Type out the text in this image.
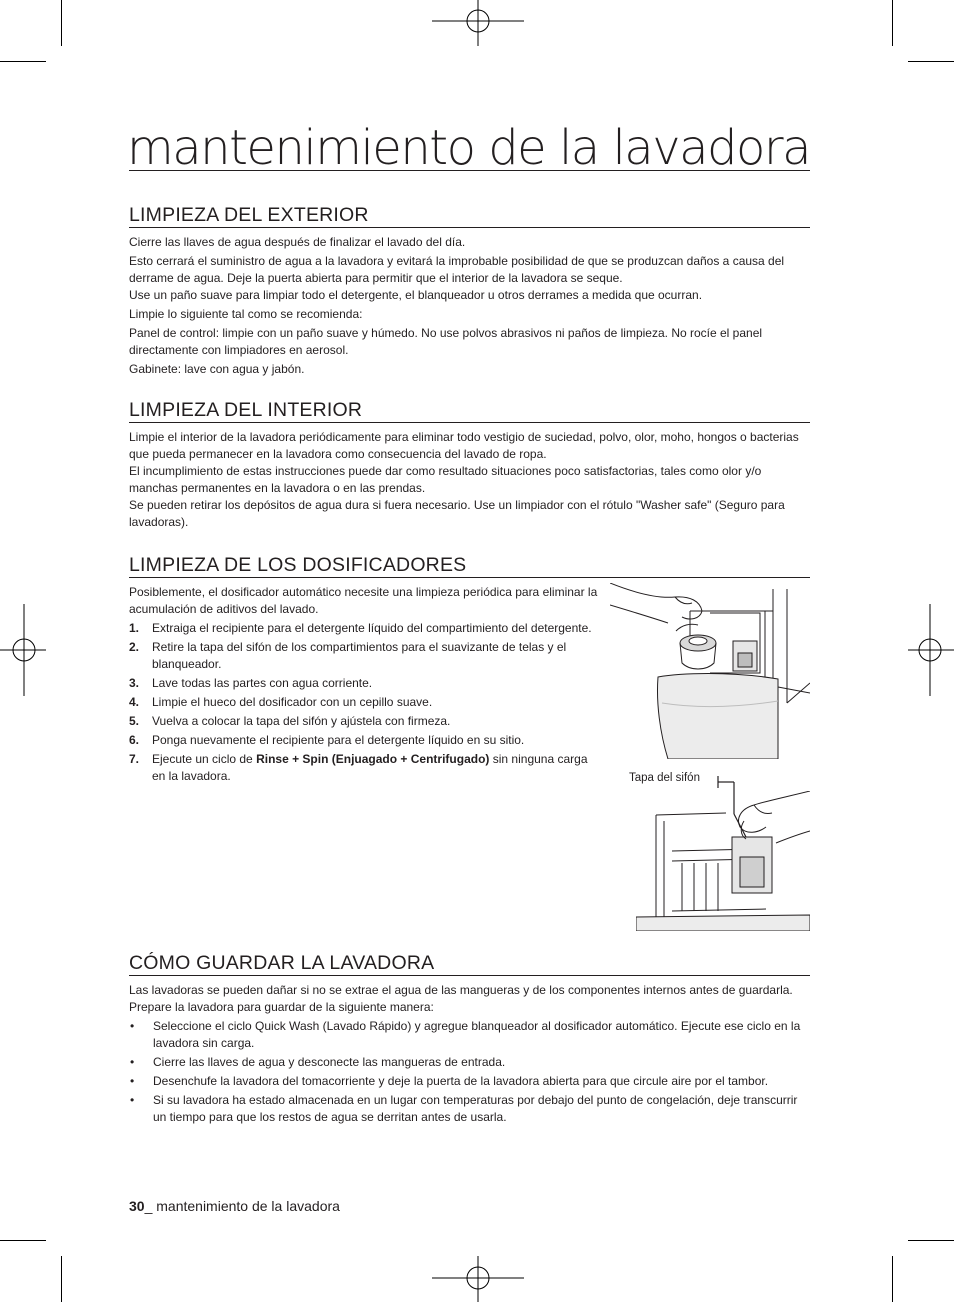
mantenimiento de la lavadora
LIMPIEZA DEL EXTERIOR

Cierre las llaves de agua después de finalizar el lavado del día.

Esto cerrará el suministro de agua a la lavadora y evitará la improbable posibilidad de que se produzcan daños a causa del derrame de agua. Deje la puerta abierta para permitir que el interior de la lavadora se seque.

Use un paño suave para limpiar todo el detergente, el blanqueador u otros derrames a medida que ocurran.

Limpie lo siguiente tal como se recomienda:

Panel de control: limpie con un paño suave y húmedo. No use polvos abrasivos ni paños de limpieza. No rocíe el panel directamente con limpiadores en aerosol.

Gabinete: lave con agua y jabón.

LIMPIEZA DEL INTERIOR

Limpie el interior de la lavadora periódicamente para eliminar todo vestigio de suciedad, polvo, olor, moho, hongos o bacterias que pueda permanecer en la lavadora como consecuencia del lavado de ropa.

El incumplimiento de estas instrucciones puede dar como resultado situaciones poco satisfactorias, tales como olor y/o manchas permanentes en la lavadora o en las prendas.

Se pueden retirar los depósitos de agua dura si fuera necesario. Use un limpiador con el rótulo "Washer safe" (Seguro para lavadoras).

LIMPIEZA DE LOS DOSIFICADORES

Posiblemente, el dosificador automático necesite una limpieza periódica para eliminar la acumulación de aditivos del lavado.

1.	Extraiga el recipiente para el detergente líquido del compartimiento del detergente.
2.	Retire la tapa del sifón de los compartimientos para el suavizante de telas y el blanqueador.
3.	Lave todas las partes con agua corriente.
4.	Limpie el hueco del dosificador con un cepillo suave.
5.	Vuelva a colocar la tapa del sifón y ajústela con firmeza.
6.	Ponga nuevamente el recipiente para el detergente líquido en su sitio.
7.	Ejecute un ciclo de Rinse + Spin (Enjuagado + Centrifugado) sin ninguna carga en la lavadora.	Tapa del sifón
CÓMO GUARDAR LA LAVADORA

Las lavadoras se pueden dañar si no se extrae el agua de las mangueras y de los componentes internos antes de guardarla. Prepare la lavadora para guardar de la siguiente manera:

•	Seleccione el ciclo Quick Wash (Lavado Rápido) y agregue blanqueador al dosificador automático. Ejecute ese ciclo en la lavadora sin carga.
•	Cierre las llaves de agua y desconecte las mangueras de entrada.
•	Desenchufe la lavadora del tomacorriente y deje la puerta de la lavadora abierta para que circule aire por el tambor.
•	Si su lavadora ha estado almacenada en un lugar con temperaturas por debajo del punto de congelación, deje transcurrir un tiempo para que los restos de agua se derritan antes de usarla.
30_ mantenimiento de la lavadora
